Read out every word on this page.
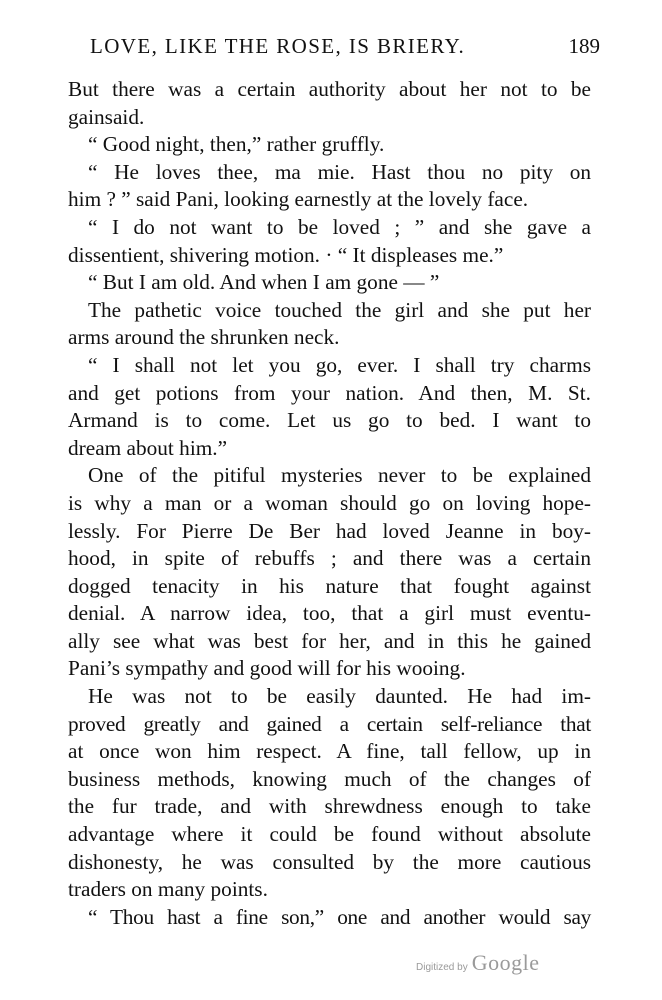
LOVE, LIKE THE ROSE, IS BRIERY.	189
But there was a certain authority about her not to be
gainsaid.
“ Good night, then,” rather gruffly.
“ He loves thee, ma mie. Hast thou no pity on
him ? ” said Pani, looking earnestly at the lovely face.
“ I do not want to be loved ; ” and she gave a
dissentient, shivering motion. · “ It displeases me.”
“ But I am old. And when I am gone — ”
The pathetic voice touched the girl and she put her
arms around the shrunken neck.
“ I shall not let you go, ever. I shall try charms
and get potions from your nation. And then, M. St.
Armand is to come. Let us go to bed. I want to
dream about him.”
One of the pitiful mysteries never to be explained
is why a man or a woman should go on loving hope-
lessly. For Pierre De Ber had loved Jeanne in boy-
hood, in spite of rebuffs ; and there was a certain
dogged tenacity in his nature that fought against
denial. A narrow idea, too, that a girl must eventu-
ally see what was best for her, and in this he gained
Pani’s sympathy and good will for his wooing.
He was not to be easily daunted. He had im-
proved greatly and gained a certain self-reliance that
at once won him respect. A fine, tall fellow, up in
business methods, knowing much of the changes of
the fur trade, and with shrewdness enough to take
advantage where it could be found without absolute
dishonesty, he was consulted by the more cautious
traders on many points.
“ Thou hast a fine son,” one and another would say
Digitized by Google
